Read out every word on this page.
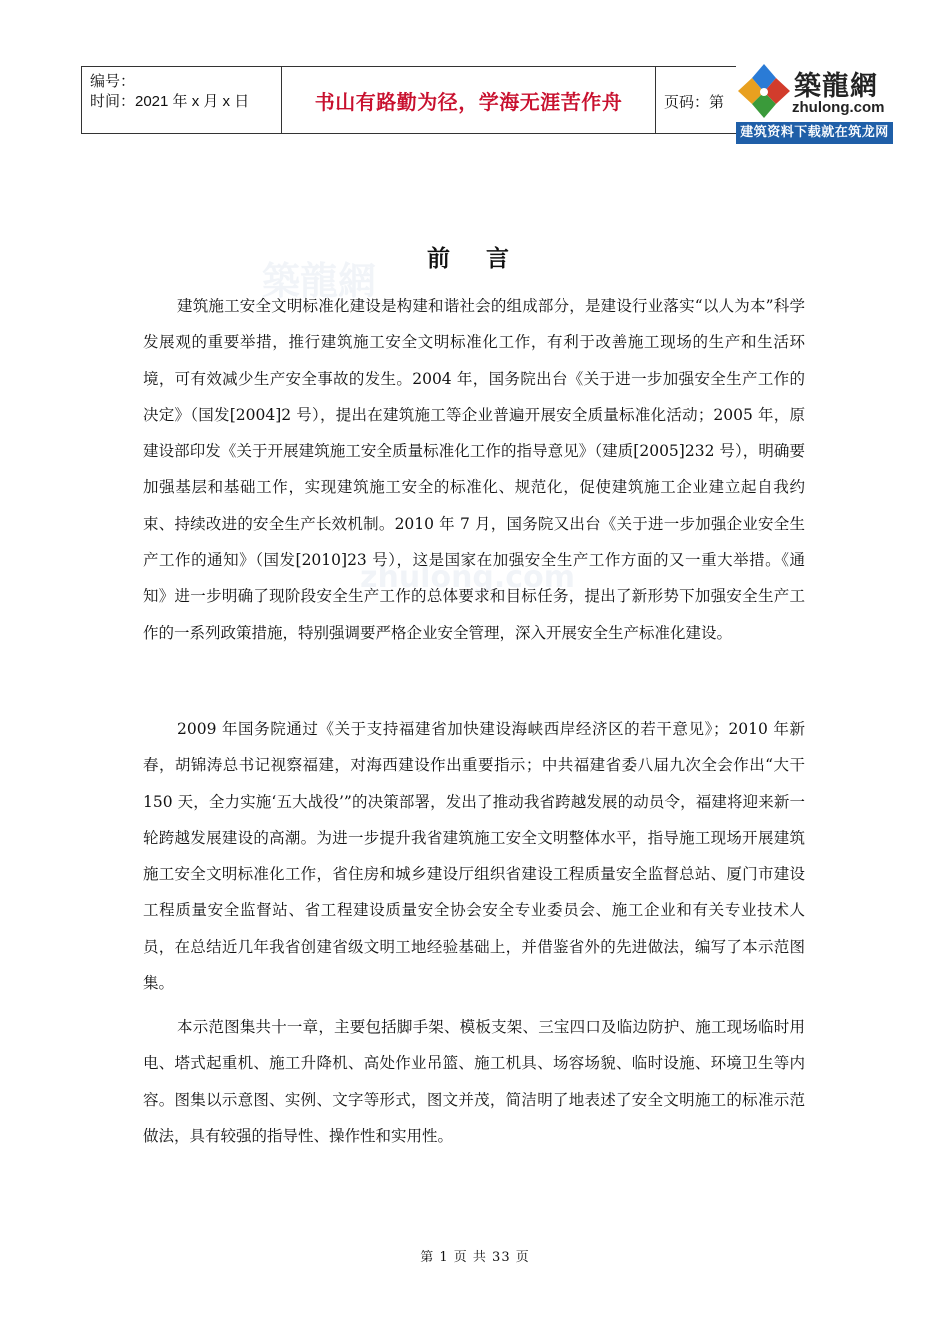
築龍網
zhulong.com
编号：
时间：2021 年 x 月 x 日	书山有路勤为径，学海无涯苦作舟	页码：第
築龍網
zhulong.com
建筑资料下载就在筑龙网
前 言

建筑施工安全文明标准化建设是构建和谐社会的组成部分，是建设行业落实“以人为本”科学发展观的重要举措，推行建筑施工安全文明标准化工作，有利于改善施工现场的生产和生活环境，可有效减少生产安全事故的发生。2004 年，国务院出台《关于进一步加强安全生产工作的决定》（国发[2004]2 号），提出在建筑施工等企业普遍开展安全质量标准化活动；2005 年，原建设部印发《关于开展建筑施工安全质量标准化工作的指导意见》（建质[2005]232 号），明确要加强基层和基础工作，实现建筑施工安全的标准化、规范化，促使建筑施工企业建立起自我约束、持续改进的安全生产长效机制。2010 年 7 月，国务院又出台《关于进一步加强企业安全生产工作的通知》（国发[2010]23 号），这是国家在加强安全生产工作方面的又一重大举措。《通知》进一步明确了现阶段安全生产工作的总体要求和目标任务，提出了新形势下加强安全生产工作的一系列政策措施，特别强调要严格企业安全管理，深入开展安全生产标准化建设。

2009 年国务院通过《关于支持福建省加快建设海峡西岸经济区的若干意见》；2010 年新春，胡锦涛总书记视察福建，对海西建设作出重要指示；中共福建省委八届九次全会作出“大干 150 天，全力实施‘五大战役’”的决策部署，发出了推动我省跨越发展的动员令，福建将迎来新一轮跨越发展建设的高潮。为进一步提升我省建筑施工安全文明整体水平，指导施工现场开展建筑施工安全文明标准化工作，省住房和城乡建设厅组织省建设工程质量安全监督总站、厦门市建设工程质量安全监督站、省工程建设质量安全协会安全专业委员会、施工企业和有关专业技术人员，在总结近几年我省创建省级文明工地经验基础上，并借鉴省外的先进做法，编写了本示范图集。

本示范图集共十一章，主要包括脚手架、模板支架、三宝四口及临边防护、施工现场临时用电、塔式起重机、施工升降机、高处作业吊篮、施工机具、场容场貌、临时设施、环境卫生等内容。图集以示意图、实例、文字等形式，图文并茂，简洁明了地表述了安全文明施工的标准示范做法，具有较强的指导性、操作性和实用性。

第 1 页 共 33 页
